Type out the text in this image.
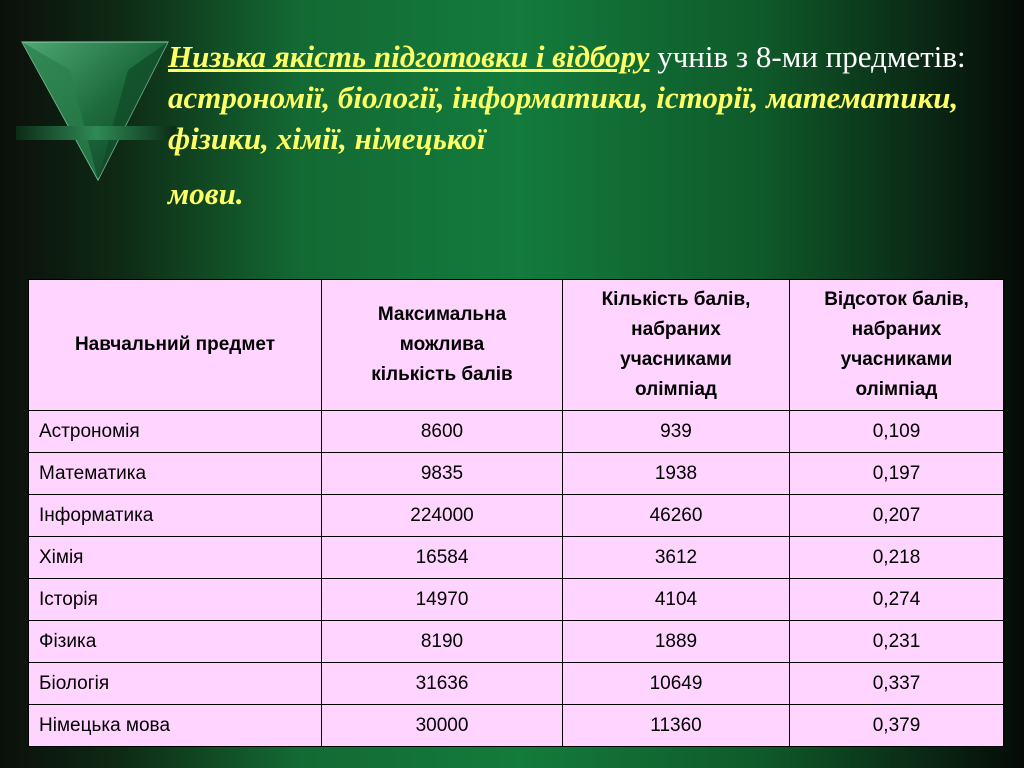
Низька якість підготовки і відбору учнів з 8-ми предметів: астрономії, біології, інформатики, історії, математики, фізики, хімії, німецької
мови.
Навчальний предмет	Максимальна можлива кількість балів	Кількість балів, набраних учасниками олімпіад	Відсоток балів, набраних учасниками олімпіад
Астрономія	8600	939	0,109
Математика	9835	1938	0,197
Інформатика	224000	46260	0,207
Хімія	16584	3612	0,218
Історія	14970	4104	0,274
Фізика	8190	1889	0,231
Біологія	31636	10649	0,337
Німецька мова	30000	11360	0,379
